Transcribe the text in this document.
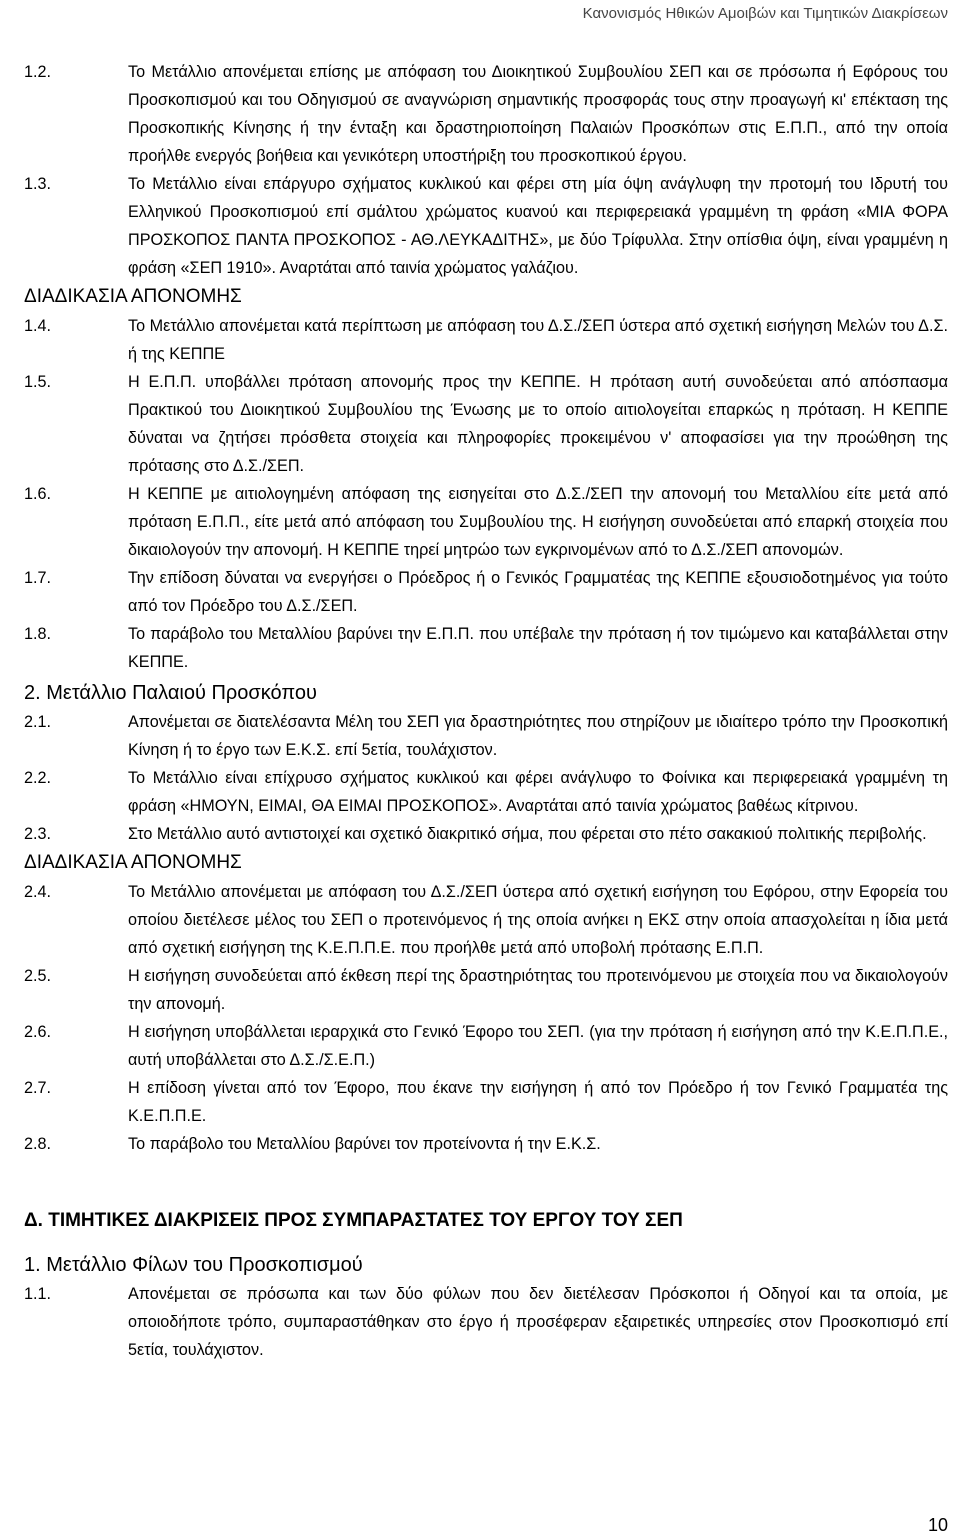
Κανονισμός Ηθικών Αμοιβών και Τιμητικών Διακρίσεων
1.2.	Το Μετάλλιο απονέμεται επίσης με απόφαση του Διοικητικού Συμβουλίου ΣΕΠ και σε πρόσωπα ή Εφόρους του Προσκοπισμού και του Οδηγισμού σε αναγνώριση σημαντικής προσφοράς τους στην προαγωγή κι' επέκταση της Προσκοπικής Κίνησης ή την ένταξη και δραστηριοποίηση Παλαιών Προσκόπων στις Ε.Π.Π., από την οποία προήλθε ενεργός βοήθεια και γενικότερη υποστήριξη του προσκοπικού έργου.
1.3.	Το Μετάλλιο είναι επάργυρο σχήματος κυκλικού και φέρει στη μία όψη ανάγλυφη την προτομή του Ιδρυτή του Ελληνικού Προσκοπισμού επί σμάλτου χρώματος κυανού και περιφερειακά γραμμένη τη φράση «ΜΙΑ ΦΟΡΑ ΠΡΟΣΚΟΠΟΣ ΠΑΝΤΑ ΠΡΟΣΚΟΠΟΣ - ΑΘ.ΛΕΥΚΑΔΙΤΗΣ», με δύο Τρίφυλλα. Στην οπίσθια όψη, είναι γραμμένη η φράση «ΣΕΠ 1910». Αναρτάται από ταινία χρώματος γαλάζιου.
ΔΙΑΔΙΚΑΣΙΑ ΑΠΟΝΟΜΗΣ
1.4.	Το Μετάλλιο απονέμεται κατά περίπτωση με απόφαση του Δ.Σ./ΣΕΠ ύστερα από σχετική εισήγηση Μελών του Δ.Σ. ή της ΚΕΠΠΕ
1.5.	Η Ε.Π.Π. υποβάλλει πρόταση απονομής προς την ΚΕΠΠΕ. Η πρόταση αυτή συνοδεύεται από απόσπασμα Πρακτικού του Διοικητικού Συμβουλίου της Ένωσης με το οποίο αιτιολογείται επαρκώς η πρόταση. Η ΚΕΠΠΕ δύναται να ζητήσει πρόσθετα στοιχεία και πληροφορίες προκειμένου ν' αποφασίσει για την προώθηση της πρότασης στο Δ.Σ./ΣΕΠ.
1.6.	Η ΚΕΠΠΕ με αιτιολογημένη απόφαση της εισηγείται στο Δ.Σ./ΣΕΠ την απονομή του Μεταλλίου είτε μετά από πρόταση Ε.Π.Π., είτε μετά από απόφαση του Συμβουλίου της. Η εισήγηση συνοδεύεται από επαρκή στοιχεία που δικαιολογούν την απονομή. Η ΚΕΠΠΕ τηρεί μητρώο των εγκρινομένων από το Δ.Σ./ΣΕΠ απονομών.
1.7.	Την επίδοση δύναται να ενεργήσει ο Πρόεδρος ή ο Γενικός Γραμματέας της ΚΕΠΠΕ εξουσιοδοτημένος για τούτο από τον Πρόεδρο του Δ.Σ./ΣΕΠ.
1.8.	Το παράβολο του Μεταλλίου βαρύνει την Ε.Π.Π. που υπέβαλε την πρόταση ή τον τιμώμενο και καταβάλλεται στην ΚΕΠΠΕ.
2. Μετάλλιο Παλαιού Προσκόπου
2.1.	Απονέμεται σε διατελέσαντα Μέλη του ΣΕΠ για δραστηριότητες που στηρίζουν με ιδιαίτερο τρόπο την Προσκοπική Κίνηση ή το έργο των Ε.Κ.Σ. επί 5ετία, τουλάχιστον.
2.2.	Το Μετάλλιο είναι επίχρυσο σχήματος κυκλικού και φέρει ανάγλυφο το Φοίνικα και περιφερειακά γραμμένη τη φράση «ΗΜΟΥΝ, ΕΙΜΑΙ, ΘΑ ΕΙΜΑΙ ΠΡΟΣΚΟΠΟΣ». Αναρτάται από ταινία χρώματος βαθέως κίτρινου.
2.3.	Στο Μετάλλιο αυτό αντιστοιχεί και σχετικό διακριτικό σήμα, που φέρεται στο πέτο σακακιού πολιτικής περιβολής.
ΔΙΑΔΙΚΑΣΙΑ ΑΠΟΝΟΜΗΣ
2.4.	Το Μετάλλιο απονέμεται με απόφαση του Δ.Σ./ΣΕΠ ύστερα από σχετική εισήγηση του Εφόρου, στην Εφορεία του οποίου διετέλεσε μέλος του ΣΕΠ ο προτεινόμενος ή της οποία ανήκει η ΕΚΣ στην οποία απασχολείται η ίδια μετά από σχετική εισήγηση της Κ.Ε.Π.Π.Ε. που προήλθε μετά από υποβολή πρότασης Ε.Π.Π.
2.5.	Η εισήγηση συνοδεύεται από έκθεση περί της δραστηριότητας του προτεινόμενου με στοιχεία που να δικαιολογούν την απονομή.
2.6.	Η εισήγηση υποβάλλεται ιεραρχικά στο Γενικό Έφορο του ΣΕΠ. (για την πρόταση ή εισήγηση από την Κ.Ε.Π.Π.Ε., αυτή υποβάλλεται στο Δ.Σ./Σ.Ε.Π.)
2.7.	Η επίδοση γίνεται από τον Έφορο, που έκανε την εισήγηση ή από τον Πρόεδρο ή τον Γενικό Γραμματέα της Κ.Ε.Π.Π.Ε.
2.8.	Το παράβολο του Μεταλλίου βαρύνει τον προτείνοντα ή την Ε.Κ.Σ.
Δ. ΤΙΜΗΤΙΚΕΣ ΔΙΑΚΡΙΣΕΙΣ ΠΡΟΣ ΣΥΜΠΑΡΑΣΤΑΤΕΣ ΤΟΥ ΕΡΓΟΥ ΤΟΥ ΣΕΠ
1. Μετάλλιο Φίλων του Προσκοπισμού
1.1.	Απονέμεται σε πρόσωπα και των δύο φύλων που δεν διετέλεσαν Πρόσκοποι ή Οδηγοί και τα οποία, με οποιοδήποτε τρόπο, συμπαραστάθηκαν στο έργο ή προσέφεραν εξαιρετικές υπηρεσίες στον Προσκοπισμό επί 5ετία, τουλάχιστον.
10
